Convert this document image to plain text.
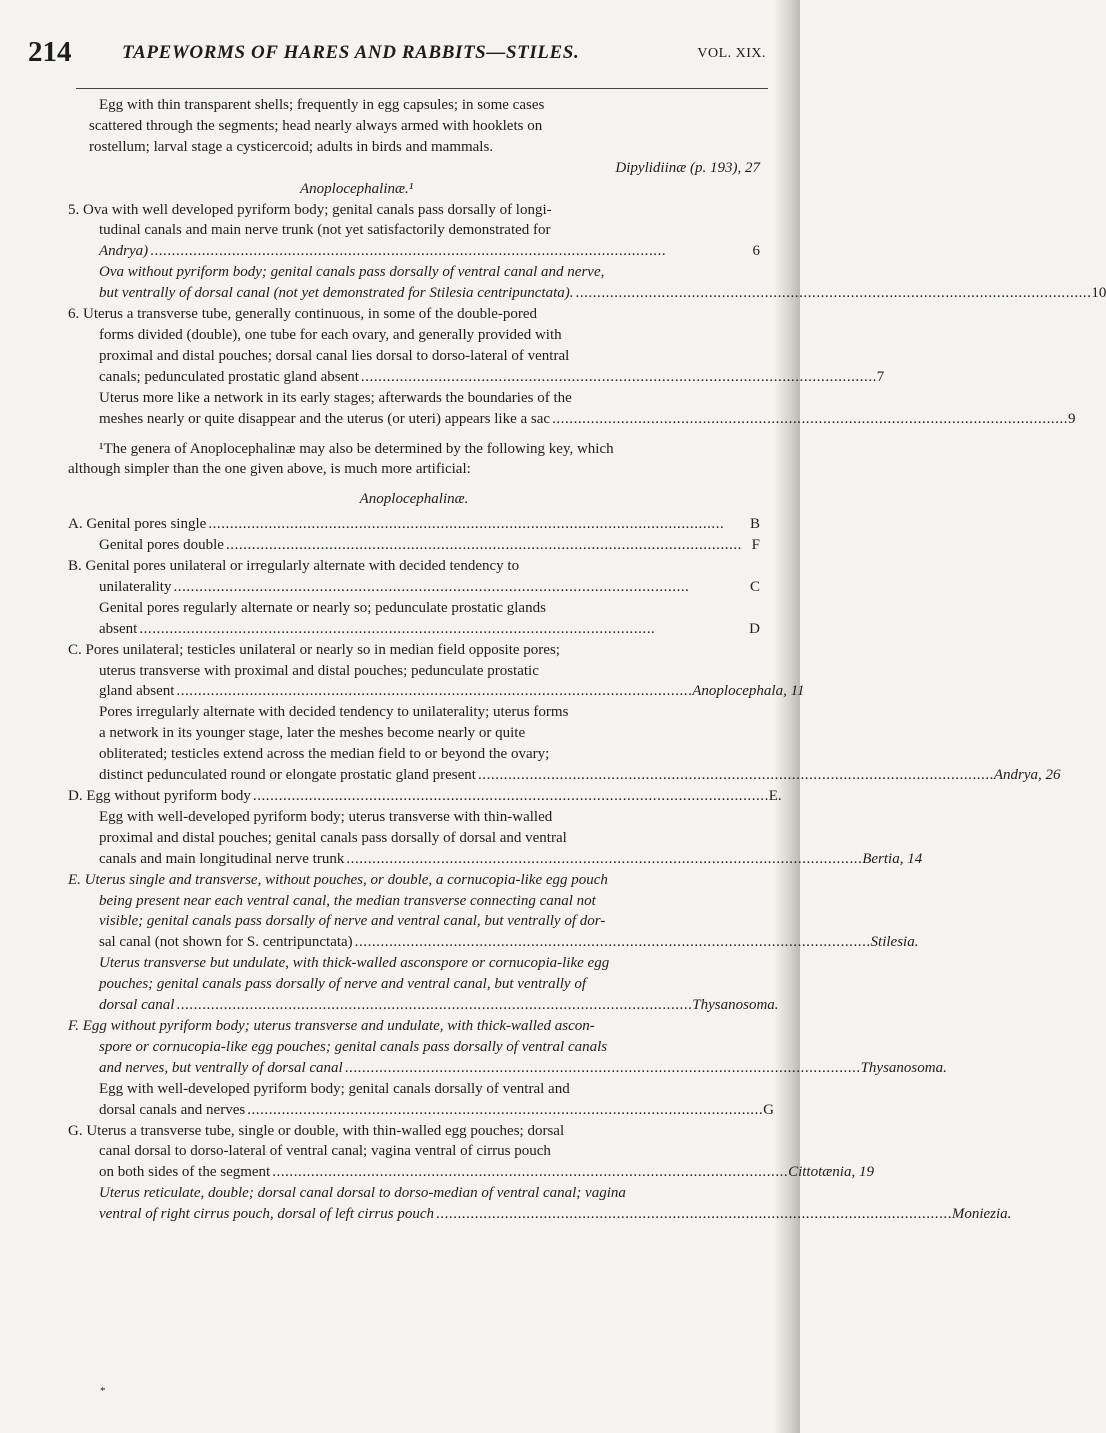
214	TAPEWORMS OF HARES AND RABBITS—STILES.	VOL. XIX.
Egg with thin transparent shells; frequently in egg capsules; in some cases
scattered through the segments; head nearly always armed with hooklets on
rostellum; larval stage a cysticercoid; adults in birds and mammals.
Dipylidiinæ (p. 193), 27
Anoplocephalinæ.¹
5. Ova with well developed pyriform body; genital canals pass dorsally of longi-
tudinal canals and main nerve trunk (not yet satisfactorily demonstrated for
Andrya) . . .	6
Ova without pyriform body; genital canals pass dorsally of ventral canal and nerve,
but ventrally of dorsal canal (not yet demonstrated for Stilesia centripunctata). . . .	10
6. Uterus a transverse tube, generally continuous, in some of the double-pored
forms divided (double), one tube for each ovary, and generally provided with
proximal and distal pouches; dorsal canal lies dorsal to dorso-lateral of ventral
canals; pedunculated prostatic gland absent . . .	7
Uterus more like a network in its early stages; afterwards the boundaries of the
meshes nearly or quite disappear and the uterus (or uteri) appears like a sac . . .	9
¹The genera of Anoplocephalinæ may also be determined by the following key, which
although simpler than the one given above, is much more artificial:
Anoplocephalinæ.
A. Genital pores single . . .	B
Genital pores double . . .	F
B. Genital pores unilateral or irregularly alternate with decided tendency to
unilaterality . . .	C
Genital pores regularly alternate or nearly so; pedunculate prostatic glands
absent . . .	D
C. Pores unilateral; testicles unilateral or nearly so in median field opposite pores;
uterus transverse with proximal and distal pouches; pedunculate prostatic
gland absent . . .	Anoplocephala, 11
Pores irregularly alternate with decided tendency to unilaterality; uterus forms
a network in its younger stage, later the meshes become nearly or quite
obliterated; testicles extend across the median field to or beyond the ovary;
distinct pedunculated round or elongate prostatic gland present . . .	Andrya, 26
D. Egg without pyriform body . . .	E.
Egg with well-developed pyriform body; uterus transverse with thin-walled
proximal and distal pouches; genital canals pass dorsally of dorsal and ventral
canals and main longitudinal nerve trunk . . .	Bertia, 14
E. Uterus single and transverse, without pouches, or double, a cornucopia-like egg pouch
being present near each ventral canal, the median transverse connecting canal not
visible; genital canals pass dorsally of nerve and ventral canal, but ventrally of dor-
sal canal (not shown for S. centripunctata) . . .	Stilesia.
Uterus transverse but undulate, with thick-walled asconspore or cornucopia-like egg
pouches; genital canals pass dorsally of nerve and ventral canal, but ventrally of
dorsal canal . . .	Thysanosoma.
F. Egg without pyriform body; uterus transverse and undulate, with thick-walled ascon-
spore or cornucopia-like egg pouches; genital canals pass dorsally of ventral canals
and nerves, but ventrally of dorsal canal . . .	Thysanosoma.
Egg with well-developed pyriform body; genital canals dorsally of ventral and
dorsal canals and nerves . . .	G
G. Uterus a transverse tube, single or double, with thin-walled egg pouches; dorsal
canal dorsal to dorso-lateral of ventral canal; vagina ventral of cirrus pouch
on both sides of the segment . . .	Cittotænia, 19
Uterus reticulate, double; dorsal canal dorsal to dorso-median of ventral canal; vagina
ventral of right cirrus pouch, dorsal of left cirrus pouch . . .	Moniezia.
*
